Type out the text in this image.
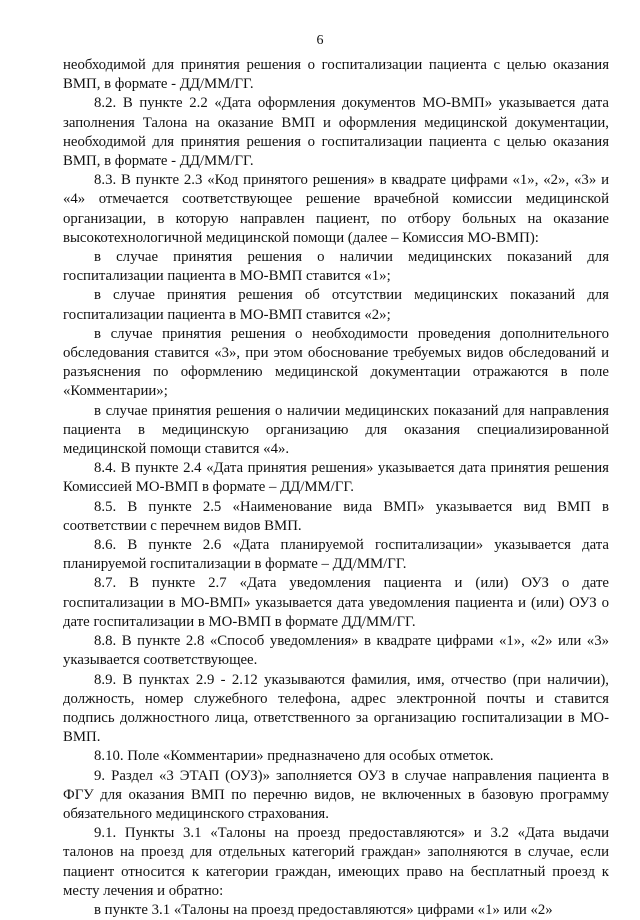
6

необходимой для принятия решения о госпитализации пациента с целью оказания ВМП, в формате - ДД/ММ/ГГ.

8.2. В пункте 2.2 «Дата оформления документов МО-ВМП» указывается дата заполнения Талона на оказание ВМП и оформления медицинской документации, необходимой для принятия решения о госпитализации пациента с целью оказания ВМП, в формате - ДД/ММ/ГГ.

8.3. В пункте 2.3 «Код принятого решения» в квадрате цифрами «1», «2», «3» и «4» отмечается соответствующее решение врачебной комиссии медицинской организации, в которую направлен пациент, по отбору больных на оказание высокотехнологичной медицинской помощи (далее – Комиссия МО-ВМП):

в случае принятия решения о наличии медицинских показаний для госпитализации пациента в МО-ВМП ставится «1»;

в случае принятия решения об отсутствии медицинских показаний для госпитализации пациента в МО-ВМП ставится «2»;

в случае принятия решения о необходимости проведения дополнительного обследования ставится «3», при этом обоснование требуемых видов обследований и разъяснения по оформлению медицинской документации отражаются в поле «Комментарии»;

в случае принятия решения о наличии медицинских показаний для направления пациента в медицинскую организацию для оказания специализированной медицинской помощи ставится «4».

8.4. В пункте 2.4 «Дата принятия решения» указывается дата принятия решения Комиссией МО-ВМП в формате – ДД/ММ/ГГ.

8.5. В пункте 2.5 «Наименование вида ВМП» указывается вид ВМП в соответствии с перечнем видов ВМП.

8.6. В пункте 2.6 «Дата планируемой госпитализации» указывается дата планируемой госпитализации в формате – ДД/ММ/ГГ.

8.7. В пункте 2.7 «Дата уведомления пациента и (или) ОУЗ о дате госпитализации в МО-ВМП» указывается дата уведомления пациента и (или) ОУЗ о дате госпитализации в МО-ВМП в формате ДД/ММ/ГГ.

8.8. В пункте 2.8 «Способ уведомления» в квадрате цифрами «1», «2» или «3» указывается соответствующее.

8.9. В пунктах 2.9 - 2.12 указываются фамилия, имя, отчество (при наличии), должность, номер служебного телефона, адрес электронной почты и ставится подпись должностного лица, ответственного за организацию госпитализации в МО-ВМП.

8.10. Поле «Комментарии» предназначено для особых отметок.

9. Раздел «3 ЭТАП (ОУЗ)» заполняется ОУЗ в случае направления пациента в ФГУ для оказания ВМП по перечню видов, не включенных в базовую программу обязательного медицинского страхования.

9.1. Пункты 3.1 «Талоны на проезд предоставляются» и 3.2 «Дата выдачи талонов на проезд для отдельных категорий граждан» заполняются в случае, если пациент относится к категории граждан, имеющих право на бесплатный проезд к месту лечения и обратно:

в пункте 3.1 «Талоны на проезд предоставляются» цифрами «1» или «2»
